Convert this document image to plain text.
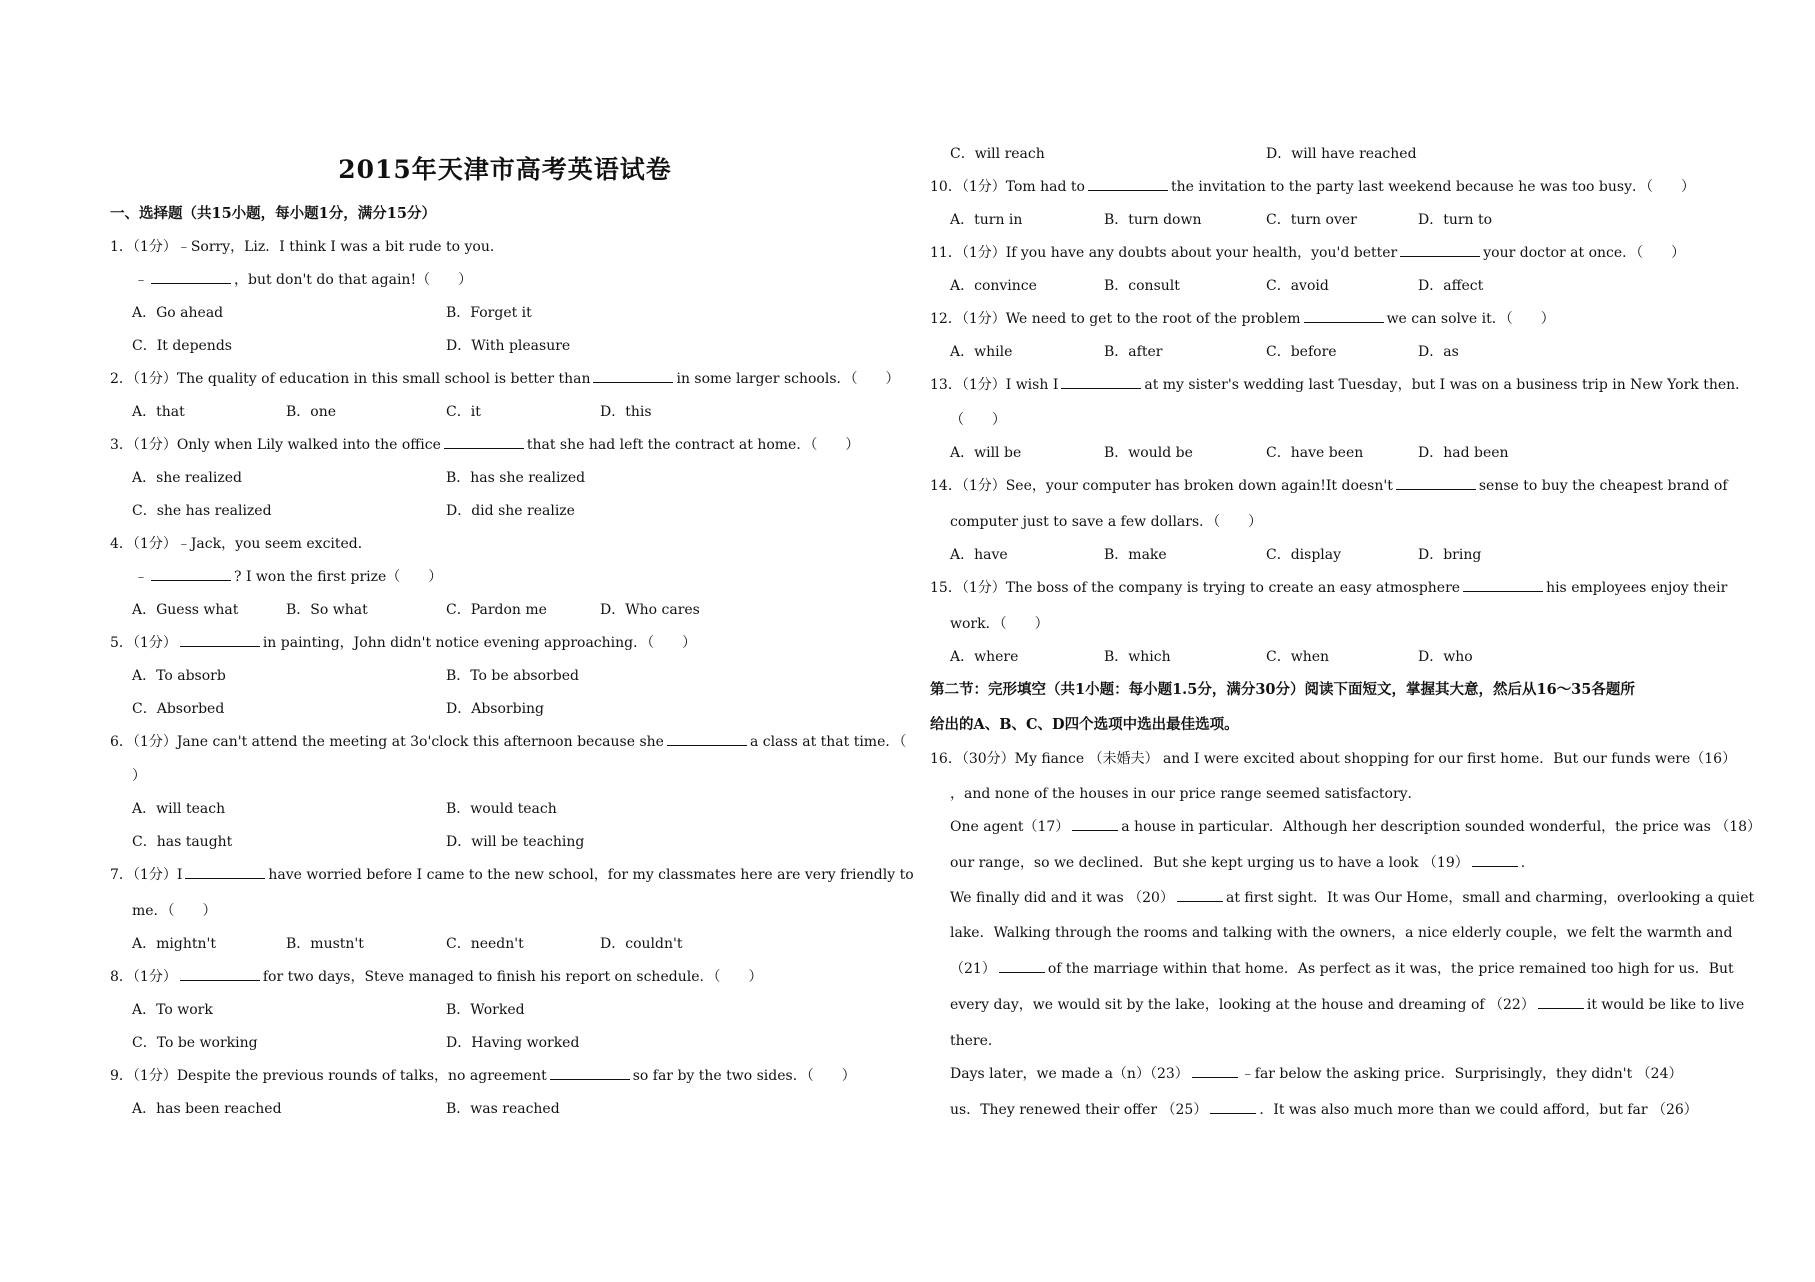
2015年天津市高考英语试卷
一、选择题（共15小题，每小题1分，满分15分）
1．（1分）﹣Sorry，Liz．I think I was a bit rude to you．
﹣	，but don't do that again!（　　）
A．Go ahead	B．Forget it
C．It depends	D．With pleasure
2．（1分）The quality of education in this small school is better than	in some larger schools．（　　）
A．that	B．one	C．it	D．this
3．（1分）Only when Lily walked into the office	that she had left the contract at home．（　　）
A．she realized	B．has she realized
C．she has realized	D．did she realize
4．（1分）﹣Jack，you seem excited．
﹣	? I won the first prize（　　）
A．Guess what	B．So what	C．Pardon me	D．Who cares
5．（1分）	in painting，John didn't notice evening approaching．（　　）
A．To absorb	B．To be absorbed
C．Absorbed	D．Absorbing
6．（1分）Jane can't attend the meeting at 3o'clock this afternoon because she	a class at that time．（
）
A．will teach	B．would teach
C．has taught	D．will be teaching
7．（1分）I	have worried before I came to the new school，for my classmates here are very friendly to
me．（　　）
A．mightn't	B．mustn't	C．needn't	D．couldn't
8．（1分）	for two days，Steve managed to finish his report on schedule．（　　）
A．To work	B．Worked
C．To be working	D．Having worked
9．（1分）Despite the previous rounds of talks，no agreement	so far by the two sides．（　　）
A．has been reached	B．was reached
C．will reach	D．will have reached
10．（1分）Tom had to	the invitation to the party last weekend because he was too busy．（　　）
A．turn in	B．turn down	C．turn over	D．turn to
11．（1分）If you have any doubts about your health，you'd better	your doctor at once．（　　）
A．convince	B．consult	C．avoid	D．affect
12．（1分）We need to get to the root of the problem	we can solve it．（　　）
A．while	B．after	C．before	D．as
13．（1分）I wish I	at my sister's wedding last Tuesday，but I was on a business trip in New York then．
（　　）
A．will be	B．would be	C．have been	D．had been
14．（1分）See，your computer has broken down again!It doesn't	sense to buy the cheapest brand of
computer just to save a few dollars．（　　）
A．have	B．make	C．display	D．bring
15．（1分）The boss of the company is trying to create an easy atmosphere	his employees enjoy their
work．（　　）
A．where	B．which	C．when	D．who
第二节：完形填空（共1小题：每小题1.5分，满分30分）阅读下面短文，掌握其大意，然后从16～35各题所
给出的A、B、C、D四个选项中选出最佳选项。
16．（30分）My fiance （未婚夫） and I were excited about shopping for our first home．But our funds were（16）
，and none of the houses in our price range seemed satisfactory．
One agent（17）	a house in particular．Although her description sounded wonderful，the price was （18）
our range，so we declined．But she kept urging us to have a look （19）	.
We finally did and it was （20）	at first sight．It was Our Home，small and charming，overlooking a quiet
lake．Walking through the rooms and talking with the owners，a nice elderly couple，we felt the warmth and
（21）	of the marriage within that home．As perfect as it was，the price remained too high for us．But
every day，we would sit by the lake，looking at the house and dreaming of （22）	it would be like to live
there．
Days later，we made a（n）（23）	﹣far below the asking price．Surprisingly，they didn't （24）
us．They renewed their offer （25）	．It was also much more than we could afford，but far （26）
